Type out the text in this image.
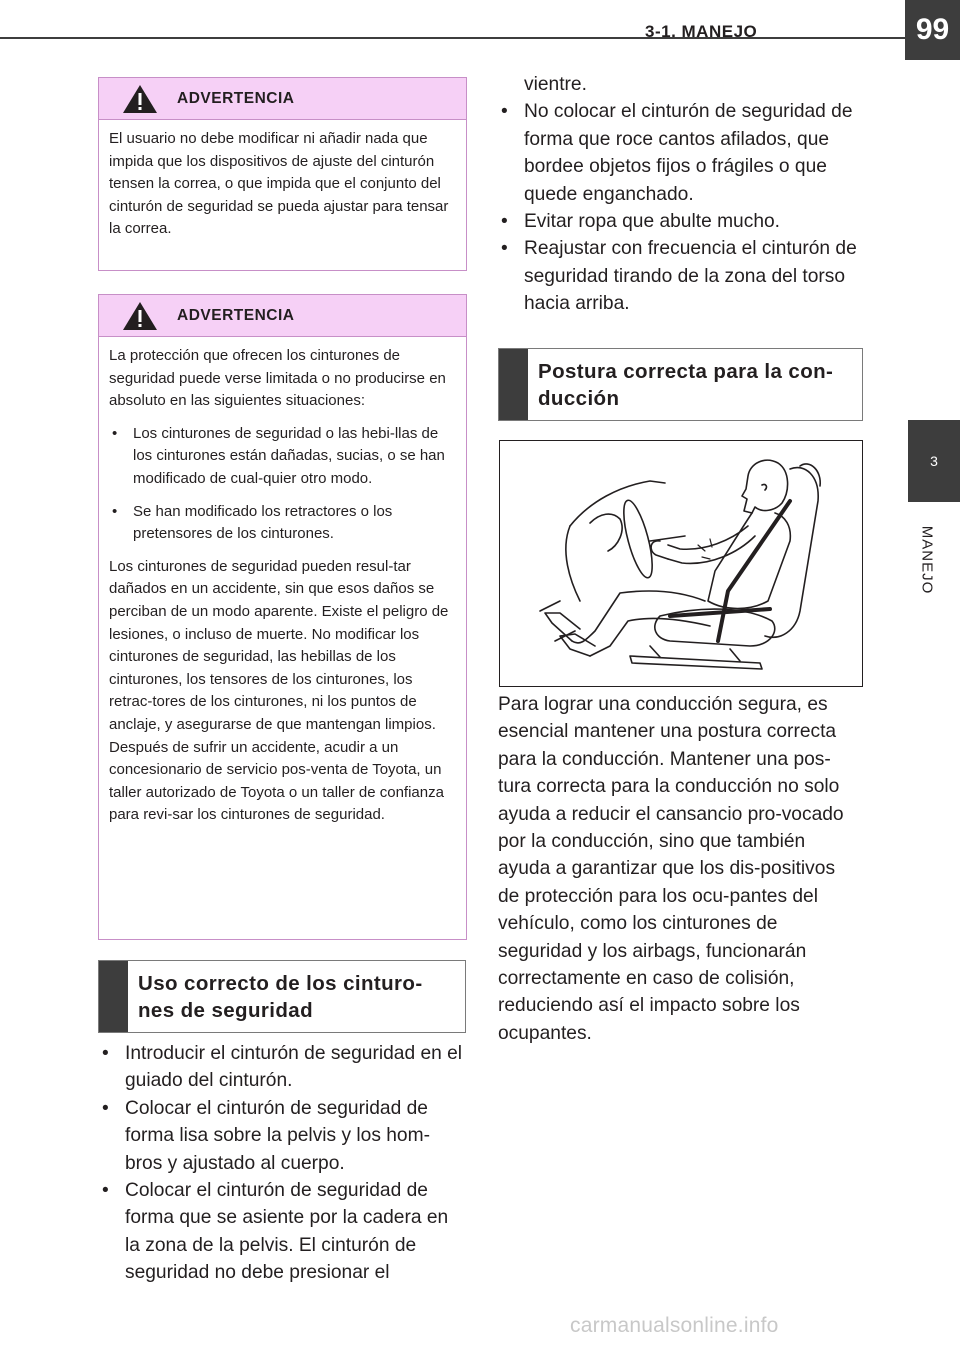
3-1. MANEJO	99
3
MANEJO
ADVERTENCIA

El usuario no debe modificar ni añadir nada que impida que los dispositivos de ajuste del cinturón tensen la correa, o que impida que el conjunto del cinturón de seguridad se pueda ajustar para tensar la correa.

ADVERTENCIA

La protección que ofrecen los cinturones de seguridad puede verse limitada o no producirse en absoluto en las siguientes situaciones:

• Los cinturones de seguridad o las hebi-llas de los cinturones están dañadas, sucias, o se han modificado de cual-quier otro modo.
• Se han modificado los retractores o los pretensores de los cinturones.

Los cinturones de seguridad pueden resul-tar dañados en un accidente, sin que esos daños se perciban de un modo aparente. Existe el peligro de lesiones, o incluso de muerte. No modificar los cinturones de seguridad, las hebillas de los cinturones, los tensores de los cinturones, los retrac-tores de los cinturones, ni los puntos de anclaje, y asegurarse de que mantengan limpios. Después de sufrir un accidente, acudir a un concesionario de servicio pos-venta de Toyota, un taller autorizado de Toyota o un taller de confianza para revi-sar los cinturones de seguridad.

Uso correcto de los cinturo-nes de seguridad
• Introducir el cinturón de seguridad en el guiado del cinturón.
• Colocar el cinturón de seguridad de forma lisa sobre la pelvis y los hom-bros y ajustado al cuerpo.
• Colocar el cinturón de seguridad de forma que se asiente por la cadera en la zona de la pelvis. El cinturón de seguridad no debe presionar el
vientre.
• No colocar el cinturón de seguridad de forma que roce cantos afilados, que bordee objetos fijos o frágiles o que quede enganchado.
• Evitar ropa que abulte mucho.
• Reajustar con frecuencia el cinturón de seguridad tirando de la zona del torso hacia arriba.
Postura correcta para la con-ducción
Para lograr una conducción segura, es esencial mantener una postura correcta para la conducción. Mantener una pos-tura correcta para la conducción no solo ayuda a reducir el cansancio pro-vocado por la conducción, sino que también ayuda a garantizar que los dis-positivos de protección para los ocu-pantes del vehículo, como los cinturones de seguridad y los airbags, funcionarán correctamente en caso de colisión, reduciendo así el impacto sobre los ocupantes.
carmanualsonline.info
